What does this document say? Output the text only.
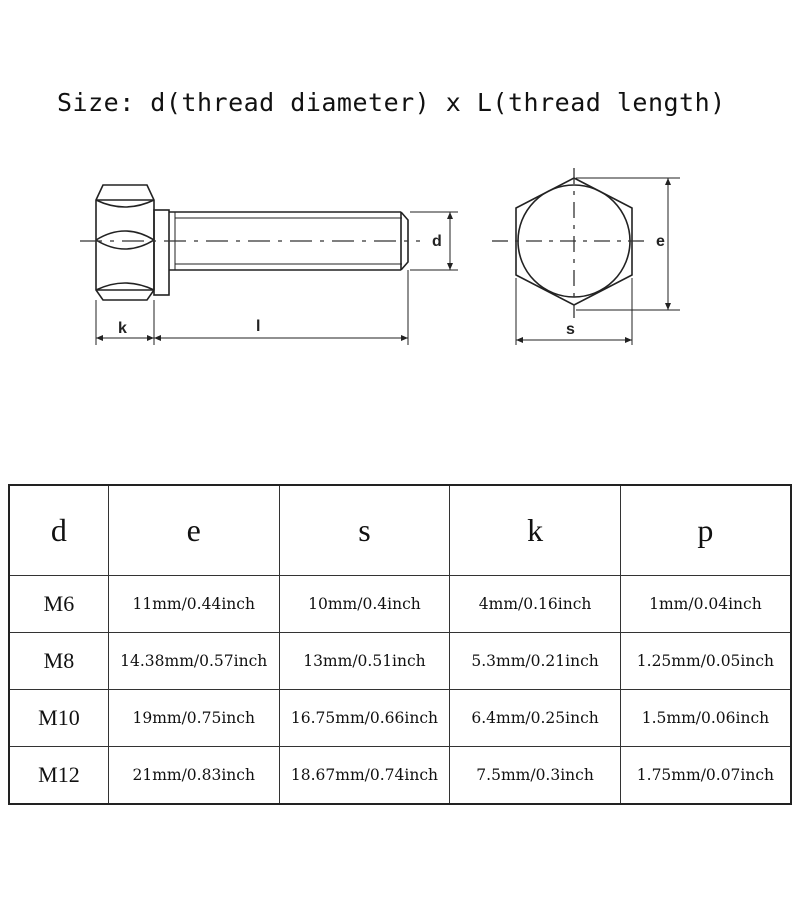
Size: d(thread diameter) x L(thread length)
k	l
d	e
s
d	e	s	k	p
M6	11mm/0.44inch	10mm/0.4inch	4mm/0.16inch	1mm/0.04inch
M8	14.38mm/0.57inch	13mm/0.51inch	5.3mm/0.21inch	1.25mm/0.05inch
M10	19mm/0.75inch	16.75mm/0.66inch	6.4mm/0.25inch	1.5mm/0.06inch
M12	21mm/0.83inch	18.67mm/0.74inch	7.5mm/0.3inch	1.75mm/0.07inch
